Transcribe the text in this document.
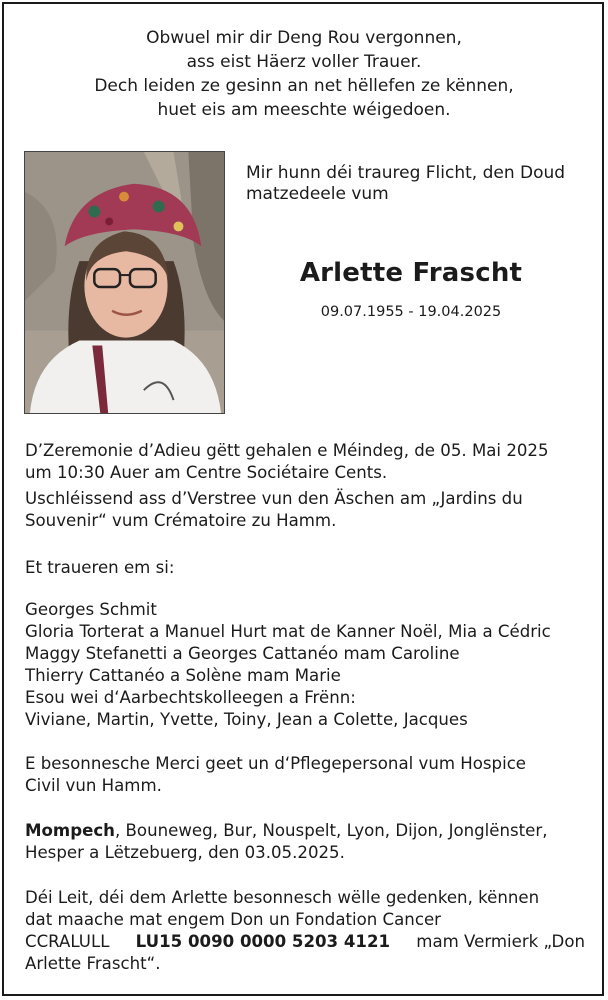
Obwuel mir dir Deng Rou vergonnen,
ass eist Häerz voller Trauer.
Dech leiden ze gesinn an net hëllefen ze kënnen,
huet eis am meeschte wéigedoen.
Mir hunn déi traureg Flicht, den Doud
matzedeele vum
Arlette Frascht
09.07.1955 - 19.04.2025
D’Zeremonie d’Adieu gëtt gehalen e Méindeg, de 05. Mai 2025
um 10:30 Auer am Centre Sociétaire Cents.
Uschléissend ass d’Verstree vun den Äschen am „Jardins du
Souvenir“ vum Crématoire zu Hamm.
Et traueren em si:
Georges Schmit
Gloria Torterat a Manuel Hurt mat de Kanner Noël, Mia a Cédric
Maggy Stefanetti a Georges Cattanéo mam Caroline
Thierry Cattanéo a Solène mam Marie
Esou wei d‘Aarbechtskolleegen a Frënn:
Viviane, Martin, Yvette, Toiny, Jean a Colette, Jacques
E besonnesche Merci geet un d‘Pflegepersonal vum Hospice
Civil vun Hamm.
Mompech, Bouneweg, Bur, Nouspelt, Lyon, Dijon, Jonglënster,
Hesper a Lëtzebuerg, den 03.05.2025.
Déi Leit, déi dem Arlette besonnesch wëlle gedenken, kënnen
dat maache mat engem Don un Fondation Cancer
CCRALULL LU15 0090 0000 5203 4121 mam Vermierk „Don
Arlette Frascht“.
